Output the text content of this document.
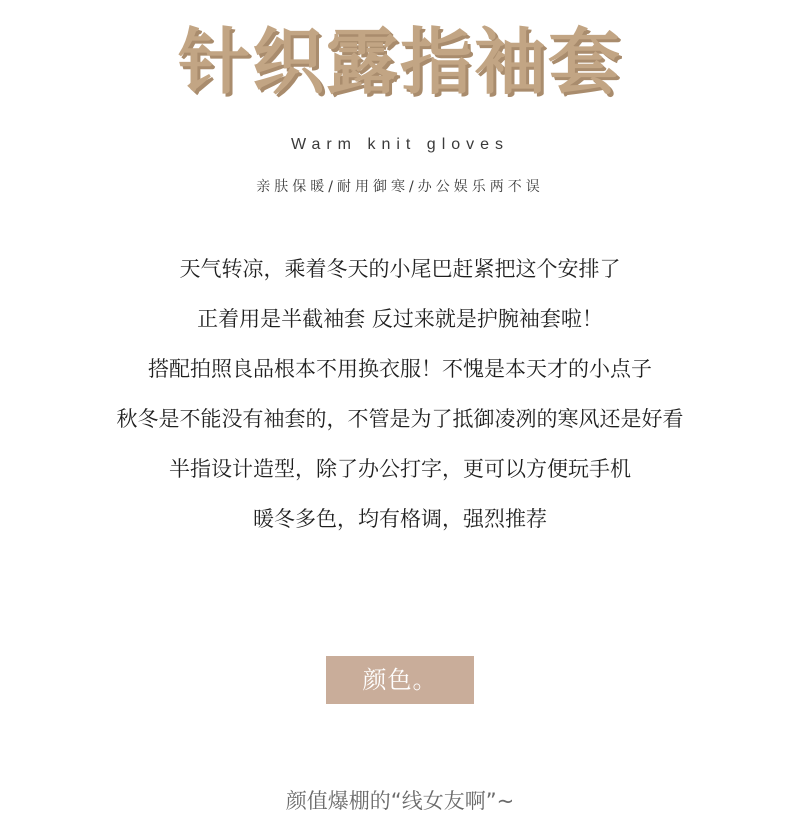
针织露指袖套
Warm knit gloves
亲肤保暖/耐用御寒/办公娱乐两不误
天气转凉，乘着冬天的小尾巴赶紧把这个安排了
正着用是半截袖套 反过来就是护腕袖套啦！
搭配拍照良品根本不用换衣服！不愧是本天才的小点子
秋冬是不能没有袖套的，不管是为了抵御凌冽的寒风还是好看
半指设计造型，除了办公打字，更可以方便玩手机
暖冬多色，均有格调，强烈推荐
颜色。
颜值爆棚的“线女友啊”~
